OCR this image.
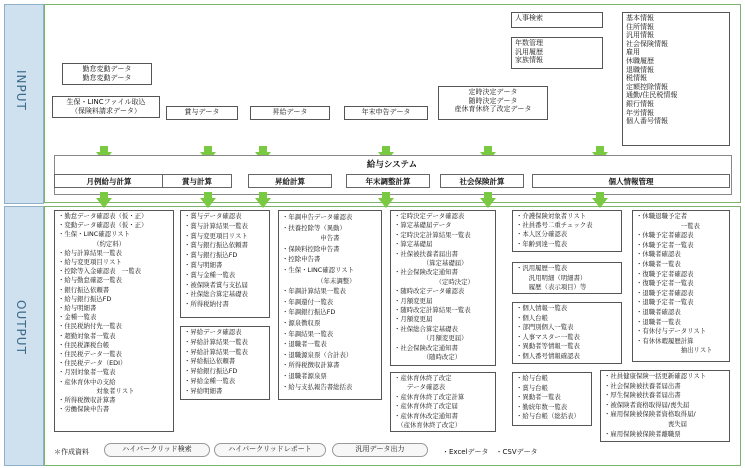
INPUT
OUTPUT
勤怠変動データ
勤怠変動データ
生保・LINCファイル取込
（保険料請求データ）	賞与データ	昇給データ	年末申告データ
定時決定データ
随時決定データ
産休育休終了改定データ
人事検索
年数管理
汎用履歴
家族情報
基本情報
住所情報
汎用情報
社会保険情報
雇用
休職履歴
退職情報
税情報
定額控除情報
通勤/住民税情報
銀行情報
年労情報
個人番号情報
給与システム
月例給与計算	賞与計算	昇給計算	年末調整計算	社会保険計算	個人情報管理
・勤怠データ確認表（仮・正）
・変動データ確認表（仮・正）
・生保・LINC確認リスト
　　　　　　（約定料）
・給与計算結果一覧表
・給与変更項目リスト
・控除等入金確認表　一覧表
・給与勤怠確認一覧表
・銀行振込依頼書
・給与銀行振込FD
・給与明細書
・金種一覧表
・住民税納付先一覧表
・超勤対象者一覧表
・住民税課税台帳
・住民税データ一覧表
・住民税データ（EDI）
・月別対象者一覧表
・産休育休中の支給
　　　　　　対象者リスト
・所得税徴収計算書
・労働保険申告書
・賞与データ確認表
・賞与計算結果一覧表
・賞与変更項目リスト
・賞与銀行振込依頼書
・賞与銀行振込FD
・賞与明細書
・賞与金種一覧表
・被保険者賞与支払届
・社保総合算定基礎表
・所得税納付書
・昇給データ確認表
・昇給計算結果一覧表
・昇給計算結果一覧表
・昇給振込依頼書
・昇給銀行振込FD
・昇給金種一覧表
・昇給明細書
・年調申告データ確認表
・扶養控除等（異動）
　　　　　　申告書
・保険料控除申告書
・控除申告書
・生保・LINC確認リスト
　　　　　　（年末調整）
・年調計算結果一覧表
・年調還付一覧表
・年調銀行振込FD
・源泉徴収票
・年調結果一覧表
・退職者一覧表
・退職源泉票（合計表）
・所得税徴収計算書
・退職者源泉票
・給与支払報告書総括表
・定時決定データ確認表
・算定基礎届データ
・定時決定計算結果一覧表
・算定基礎届
・社保被扶養者届出書
　　　　　（算定基礎届）
・社会保険改定通知書
　　　　　　　（定時決定）
・随時改定データ確認表
・月額変更届
・随時改定計算結果一覧表
・月額変更届
・社保総合算定基礎表
　　　　　（月額変更届）
・社会保険改定通知書
　　　　　（随時改定）
・産休育休終了改定
　　データ確認表
・産休育休終了改定計算
・産休育休終了改定届
・産休育休改定通知書
　（産休育休終了改定）
・介護保険対象者リスト
・社員番号二重チェック表
・本人区分確認表
・年齢到達一覧表
・汎用履歴一覧表
　　汎用明細（明細書）
　　履歴（表示項目）等
・個人情報一覧表
・個人台帳
・部門別個人一覧表
・人事マスター一覧表
・異動者等情報一覧表
・個人番号情報確認表
・給与台帳
・賞与台帳
・異動者一覧表
・勤続年数一覧表
・給与台帳（総括表）
・休職退職予定者
　　　　　　　一覧表
・休職予定者確認表
・休職予定者一覧表
・休職者確認表
・休職者一覧表
・復職予定者確認表
・復職予定者一覧表
・退職予定者確認表
・退職予定者一覧表
・退職者確認表
・退職者一覧表
・有休付与データリスト
・有休休暇履歴計算
　　　　　　　抽出リスト
・社員健康保険一括更新確認リスト
・社会保険被扶養者届出書
・厚生保険被扶養者届出書
・被保険者資格取得届/喪失届
・雇用保険被保険者資格取得届/
　　　　　　　　　　喪失届
・雇用保険被保険者離職票
＊作成資料	ハイパークリッド検索	ハイパークリッドレポート	汎用データ出力	・Excelデータ　・CSVデータ
